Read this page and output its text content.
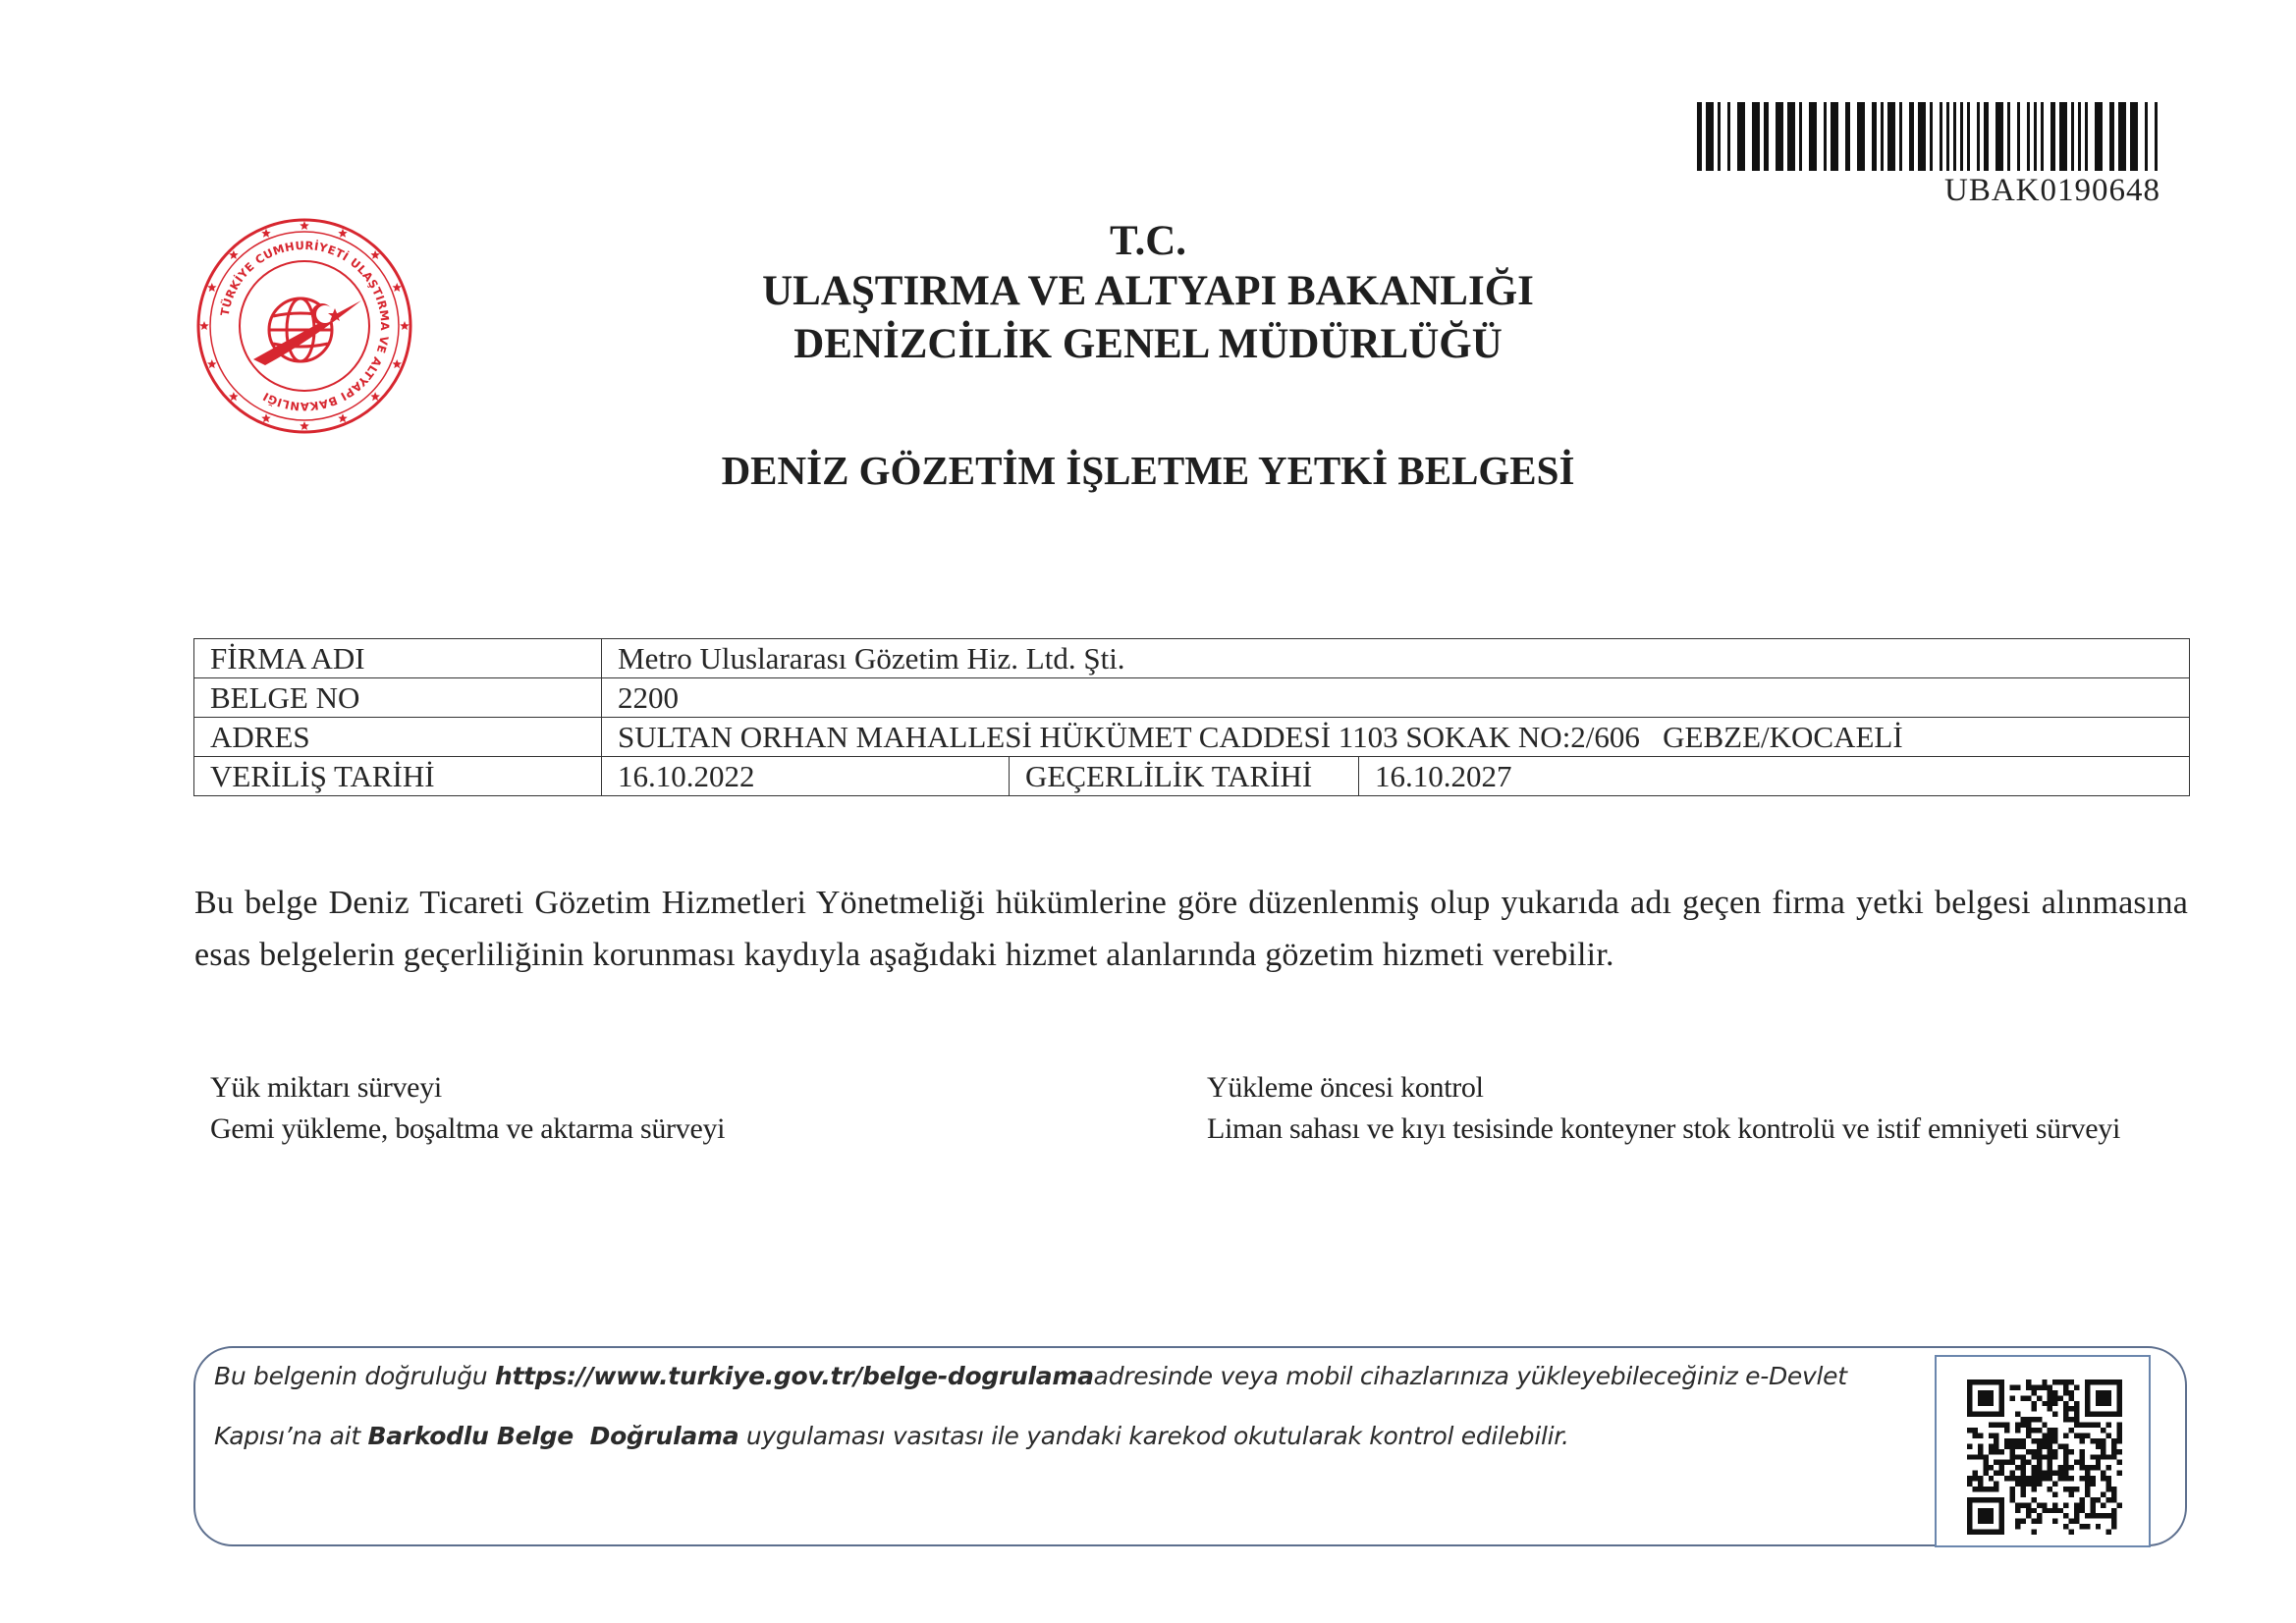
UBAK0190648
TÜRKİYE CUMHURİYETİ ULAŞTIRMA VE ALTYAPI BAKANLIĞI
T.C.
ULAŞTIRMA VE ALTYAPI BAKANLIĞI
DENİZCİLİK GENEL MÜDÜRLÜĞÜ
DENİZ GÖZETİM İŞLETME YETKİ BELGESİ
FİRMA ADI	Metro Uluslararası Gözetim Hiz. Ltd. Şti.		
BELGE NO	2200		
ADRES	SULTAN ORHAN MAHALLESİ HÜKÜMET CADDESİ 1103 SOKAK NO:2/606   GEBZE/KOCAELİ		
VERİLİŞ TARİHİ	16.10.2022	GEÇERLİLİK TARİHİ	16.10.2027
Bu belge Deniz Ticareti Gözetim Hizmetleri Yönetmeliği hükümlerine göre düzenlenmiş olup yukarıda adı geçen firma yetki belgesi alınmasına esas belgelerin geçerliliğinin korunması kaydıyla aşağıdaki hizmet alanlarında gözetim hizmeti verebilir.
Yük miktarı sürveyi
Gemi yükleme, boşaltma ve aktarma sürveyi
Yükleme öncesi kontrol
Liman sahası ve kıyı tesisinde konteyner stok kontrolü ve istif emniyeti sürveyi
Bu belgenin doğruluğu https://www.turkiye.gov.tr/belge-dogrulamaadresinde veya mobil cihazlarınıza yükleyebileceğiniz e-Devlet
Kapısı’na ait Barkodlu Belge  Doğrulama uygulaması vasıtası ile yandaki karekod okutularak kontrol edilebilir.
